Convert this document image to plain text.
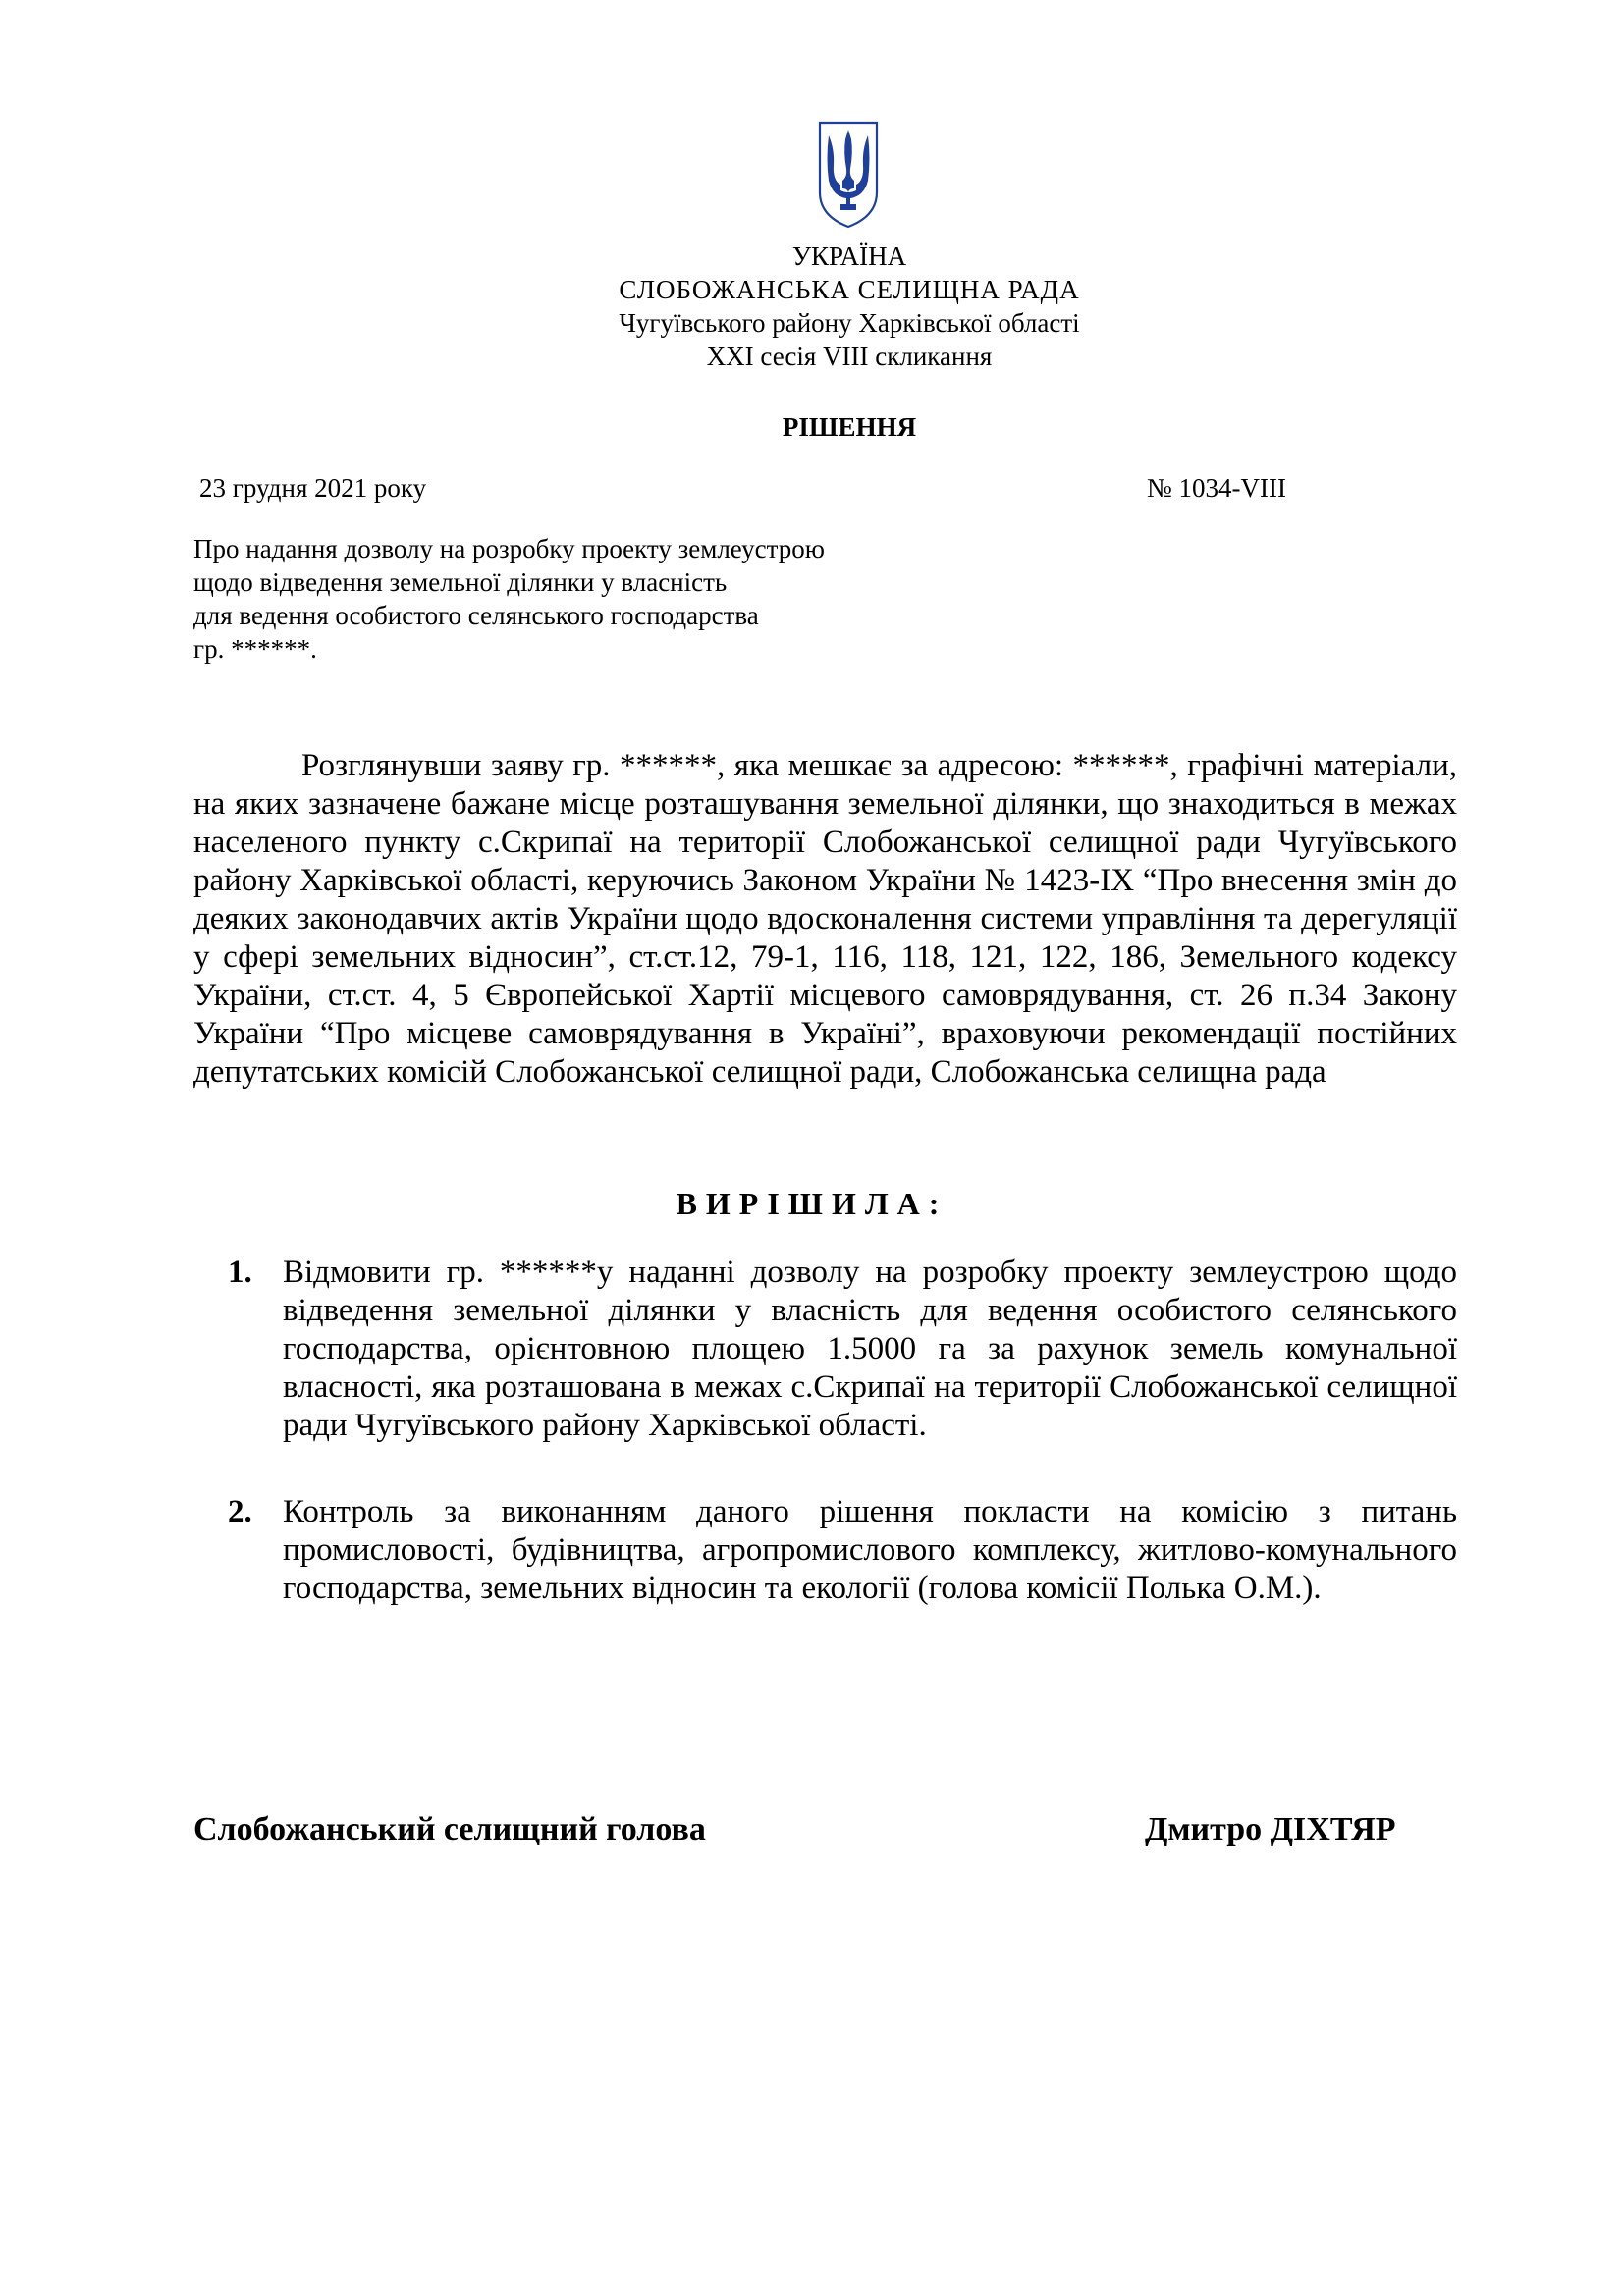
УКРАЇНА
СЛОБОЖАНСЬКА СЕЛИЩНА РАДА
Чугуївського району Харківської області
XXI сесія VIII скликання
РІШЕННЯ
23 грудня 2021 року	№ 1034-VIII
Про надання дозволу на розробку проекту землеустрою
щодо відведення земельної ділянки у власність
для ведення особистого селянського господарства
гр. ******.
Розглянувши заяву гр. ******, яка мешкає за адресою: ******, графічні матеріали, на яких зазначене бажане місце розташування земельної ділянки, що знаходиться в межах населеного пункту с.Скрипаї на території Слобожанської селищної ради Чугуївського району Харківської області, керуючись Законом України № 1423-IX “Про внесення змін до деяких законодавчих актів України щодо вдосконалення системи управління та дерегуляції у сфері земельних відносин”, ст.ст.12, 79-1, 116, 118, 121, 122, 186, Земельного кодексу України, ст.ст. 4, 5 Європейської Хартії місцевого самоврядування, ст. 26 п.34 Закону України “Про місцеве самоврядування в Україні”, враховуючи рекомендації постійних депутатських комісій Слобожанської селищної ради, Слобожанська селищна рада
ВИРІШИЛА:
1. Відмовити гр. ******у наданні дозволу на розробку проекту землеустрою щодо відведення земельної ділянки у власність для ведення особистого селянського господарства, орієнтовною площею 1.5000 га за рахунок земель комунальної власності, яка розташована в межах с.Скрипаї на території Слобожанської селищної ради Чугуївського району Харківської області.
2. Контроль за виконанням даного рішення покласти на комісію з питань промисловості, будівництва, агропромислового комплексу, житлово-комунального господарства, земельних відносин та екології (голова комісії Полька О.М.).
Слобожанський селищний голова	Дмитро ДІХТЯР
